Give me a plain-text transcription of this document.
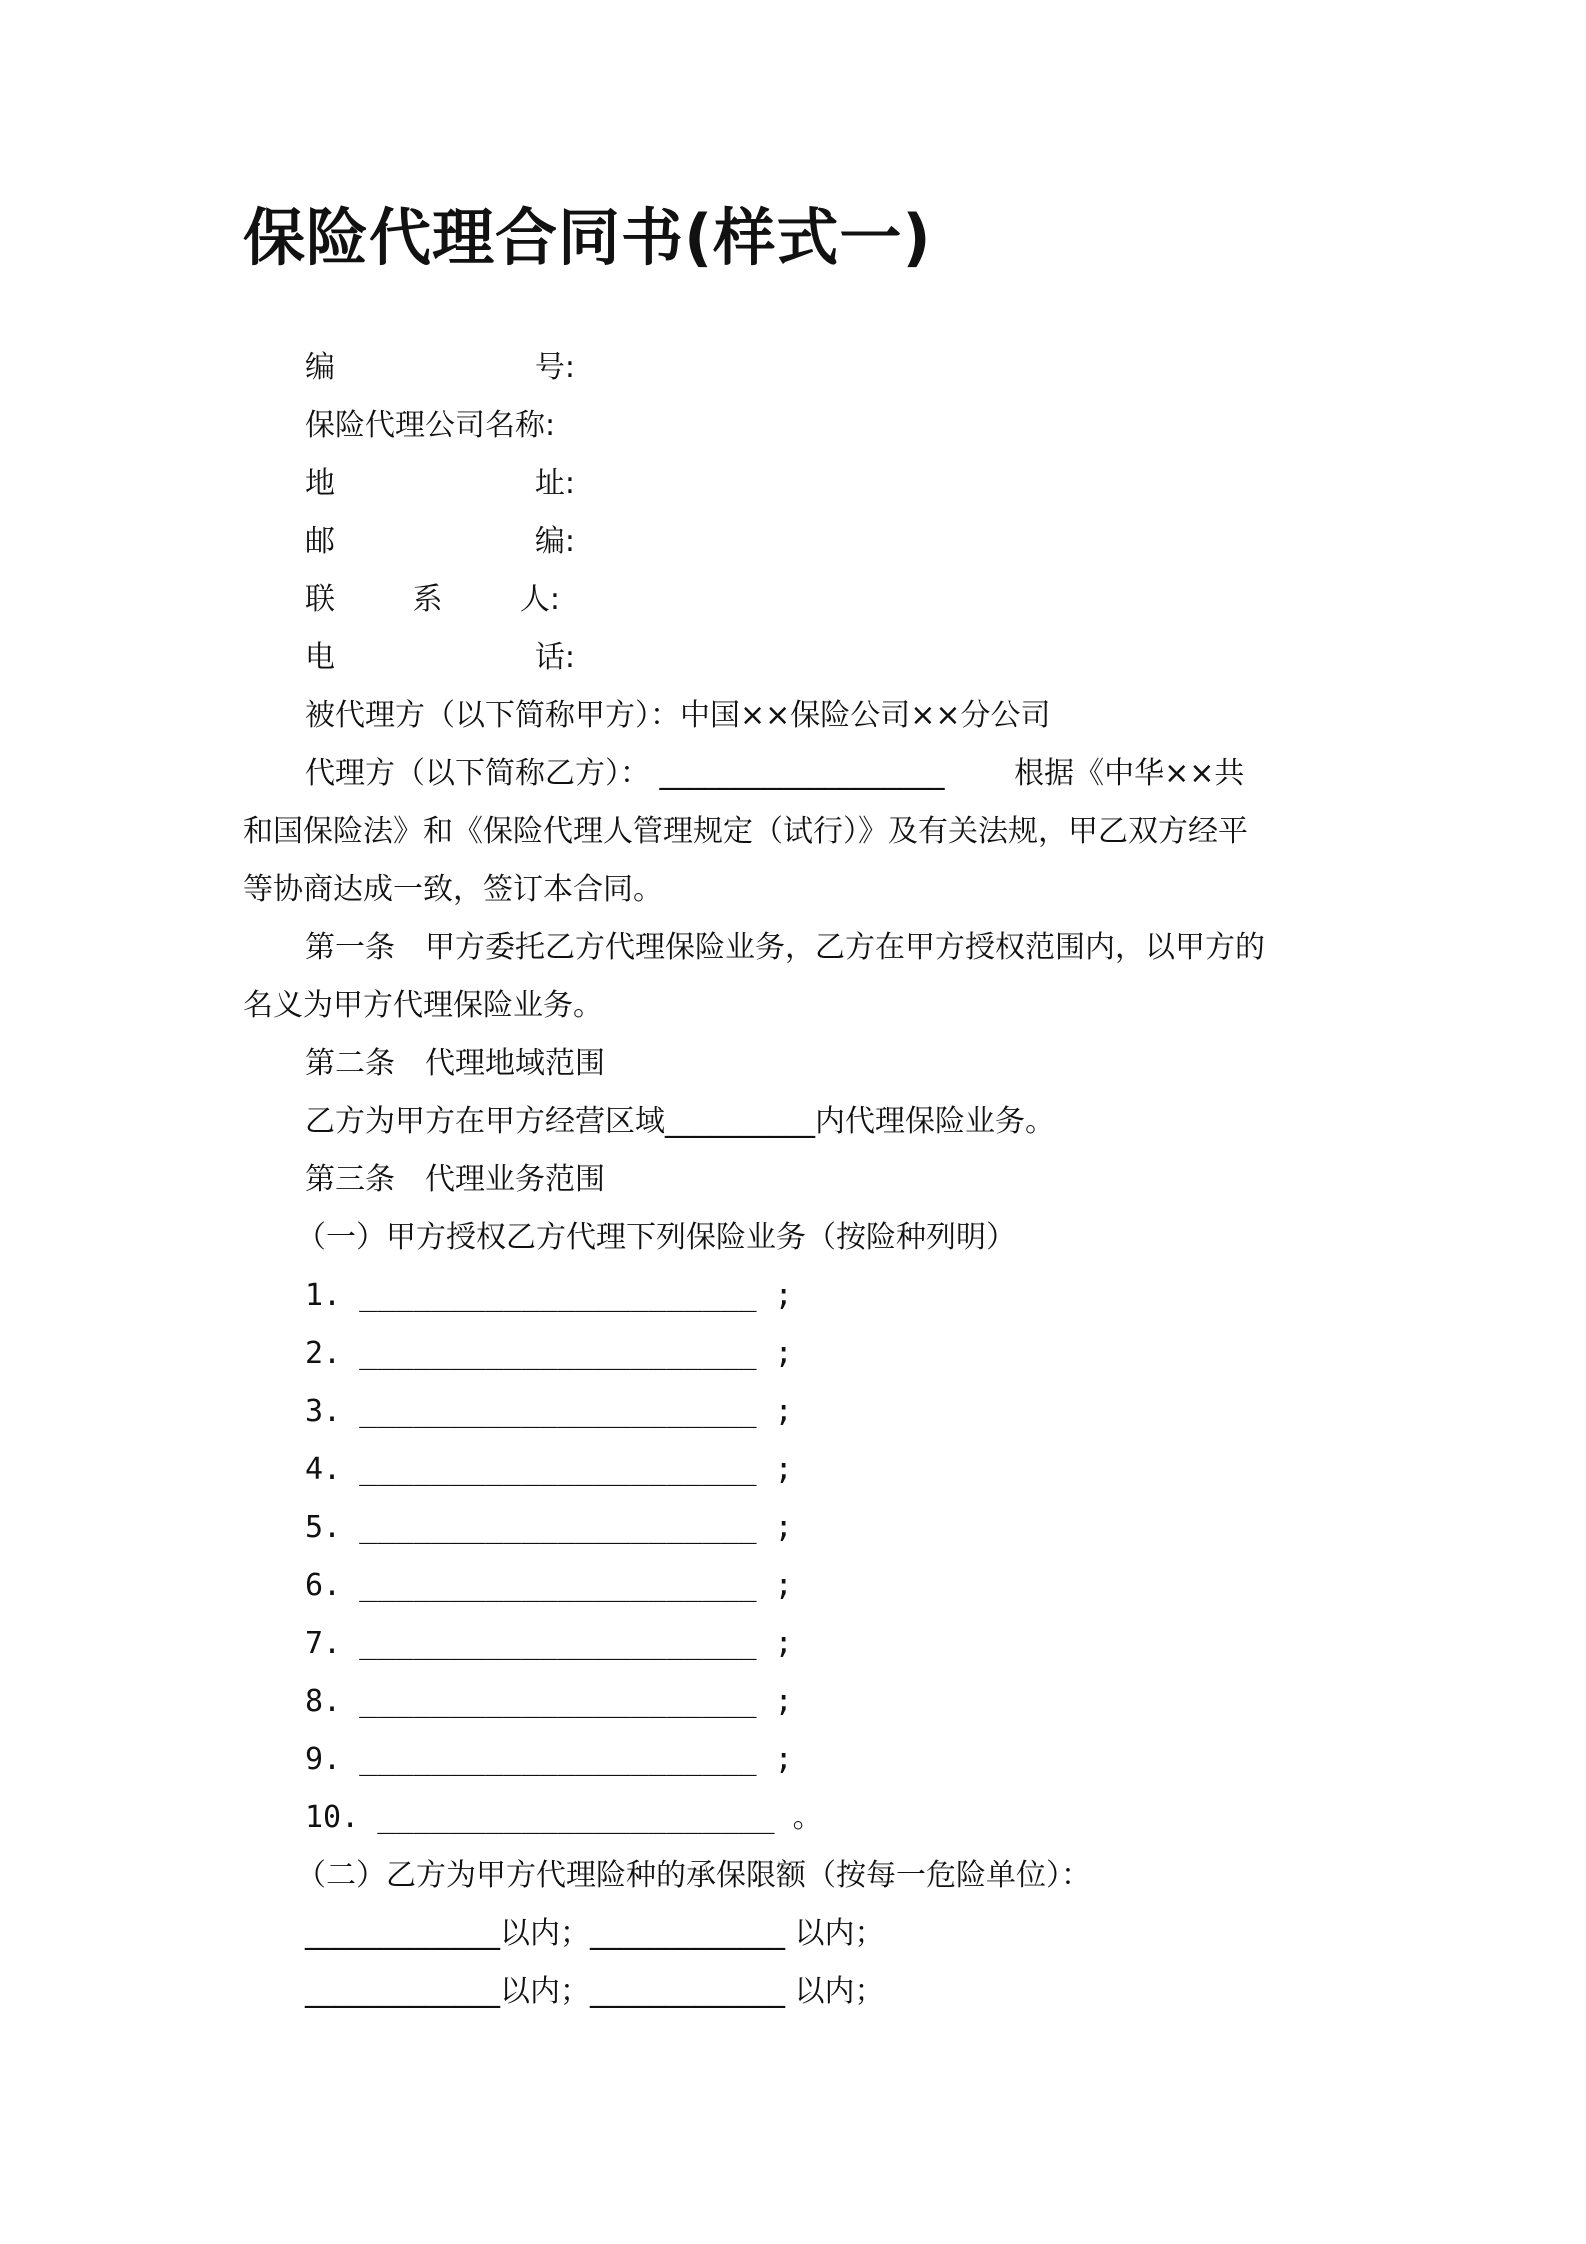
保险代理合同书(样式一)
编	号:
保险代理公司名称:
地	址:
邮	编:
联	系	人:
电	话:
被代理方（以下简称甲方）：中国××保险公司××分公司
代理方（以下简称乙方）： ___________________ 根据《中华××共
和国保险法》和《保险代理人管理规定（试行）》及有关法规，甲乙双方经平
等协商达成一致，签订本合同。
第一条　甲方委托乙方代理保险业务，乙方在甲方授权范围内，以甲方的
名义为甲方代理保险业务。
第二条　代理地域范围
乙方为甲方在甲方经营区域__________内代理保险业务。
第三条　代理业务范围
（一）甲方授权乙方代理下列保险业务（按险种列明）
1. ______________________ ;
2. ______________________ ;
3. ______________________ ;
4. ______________________ ;
5. ______________________ ;
6. ______________________ ;
7. ______________________ ;
8. ______________________ ;
9. ______________________ ;
10. ______________________ 。
（二）乙方为甲方代理险种的承保限额（按每一危险单位）：
_____________以内；_____________ 以内；
_____________以内；_____________ 以内；
